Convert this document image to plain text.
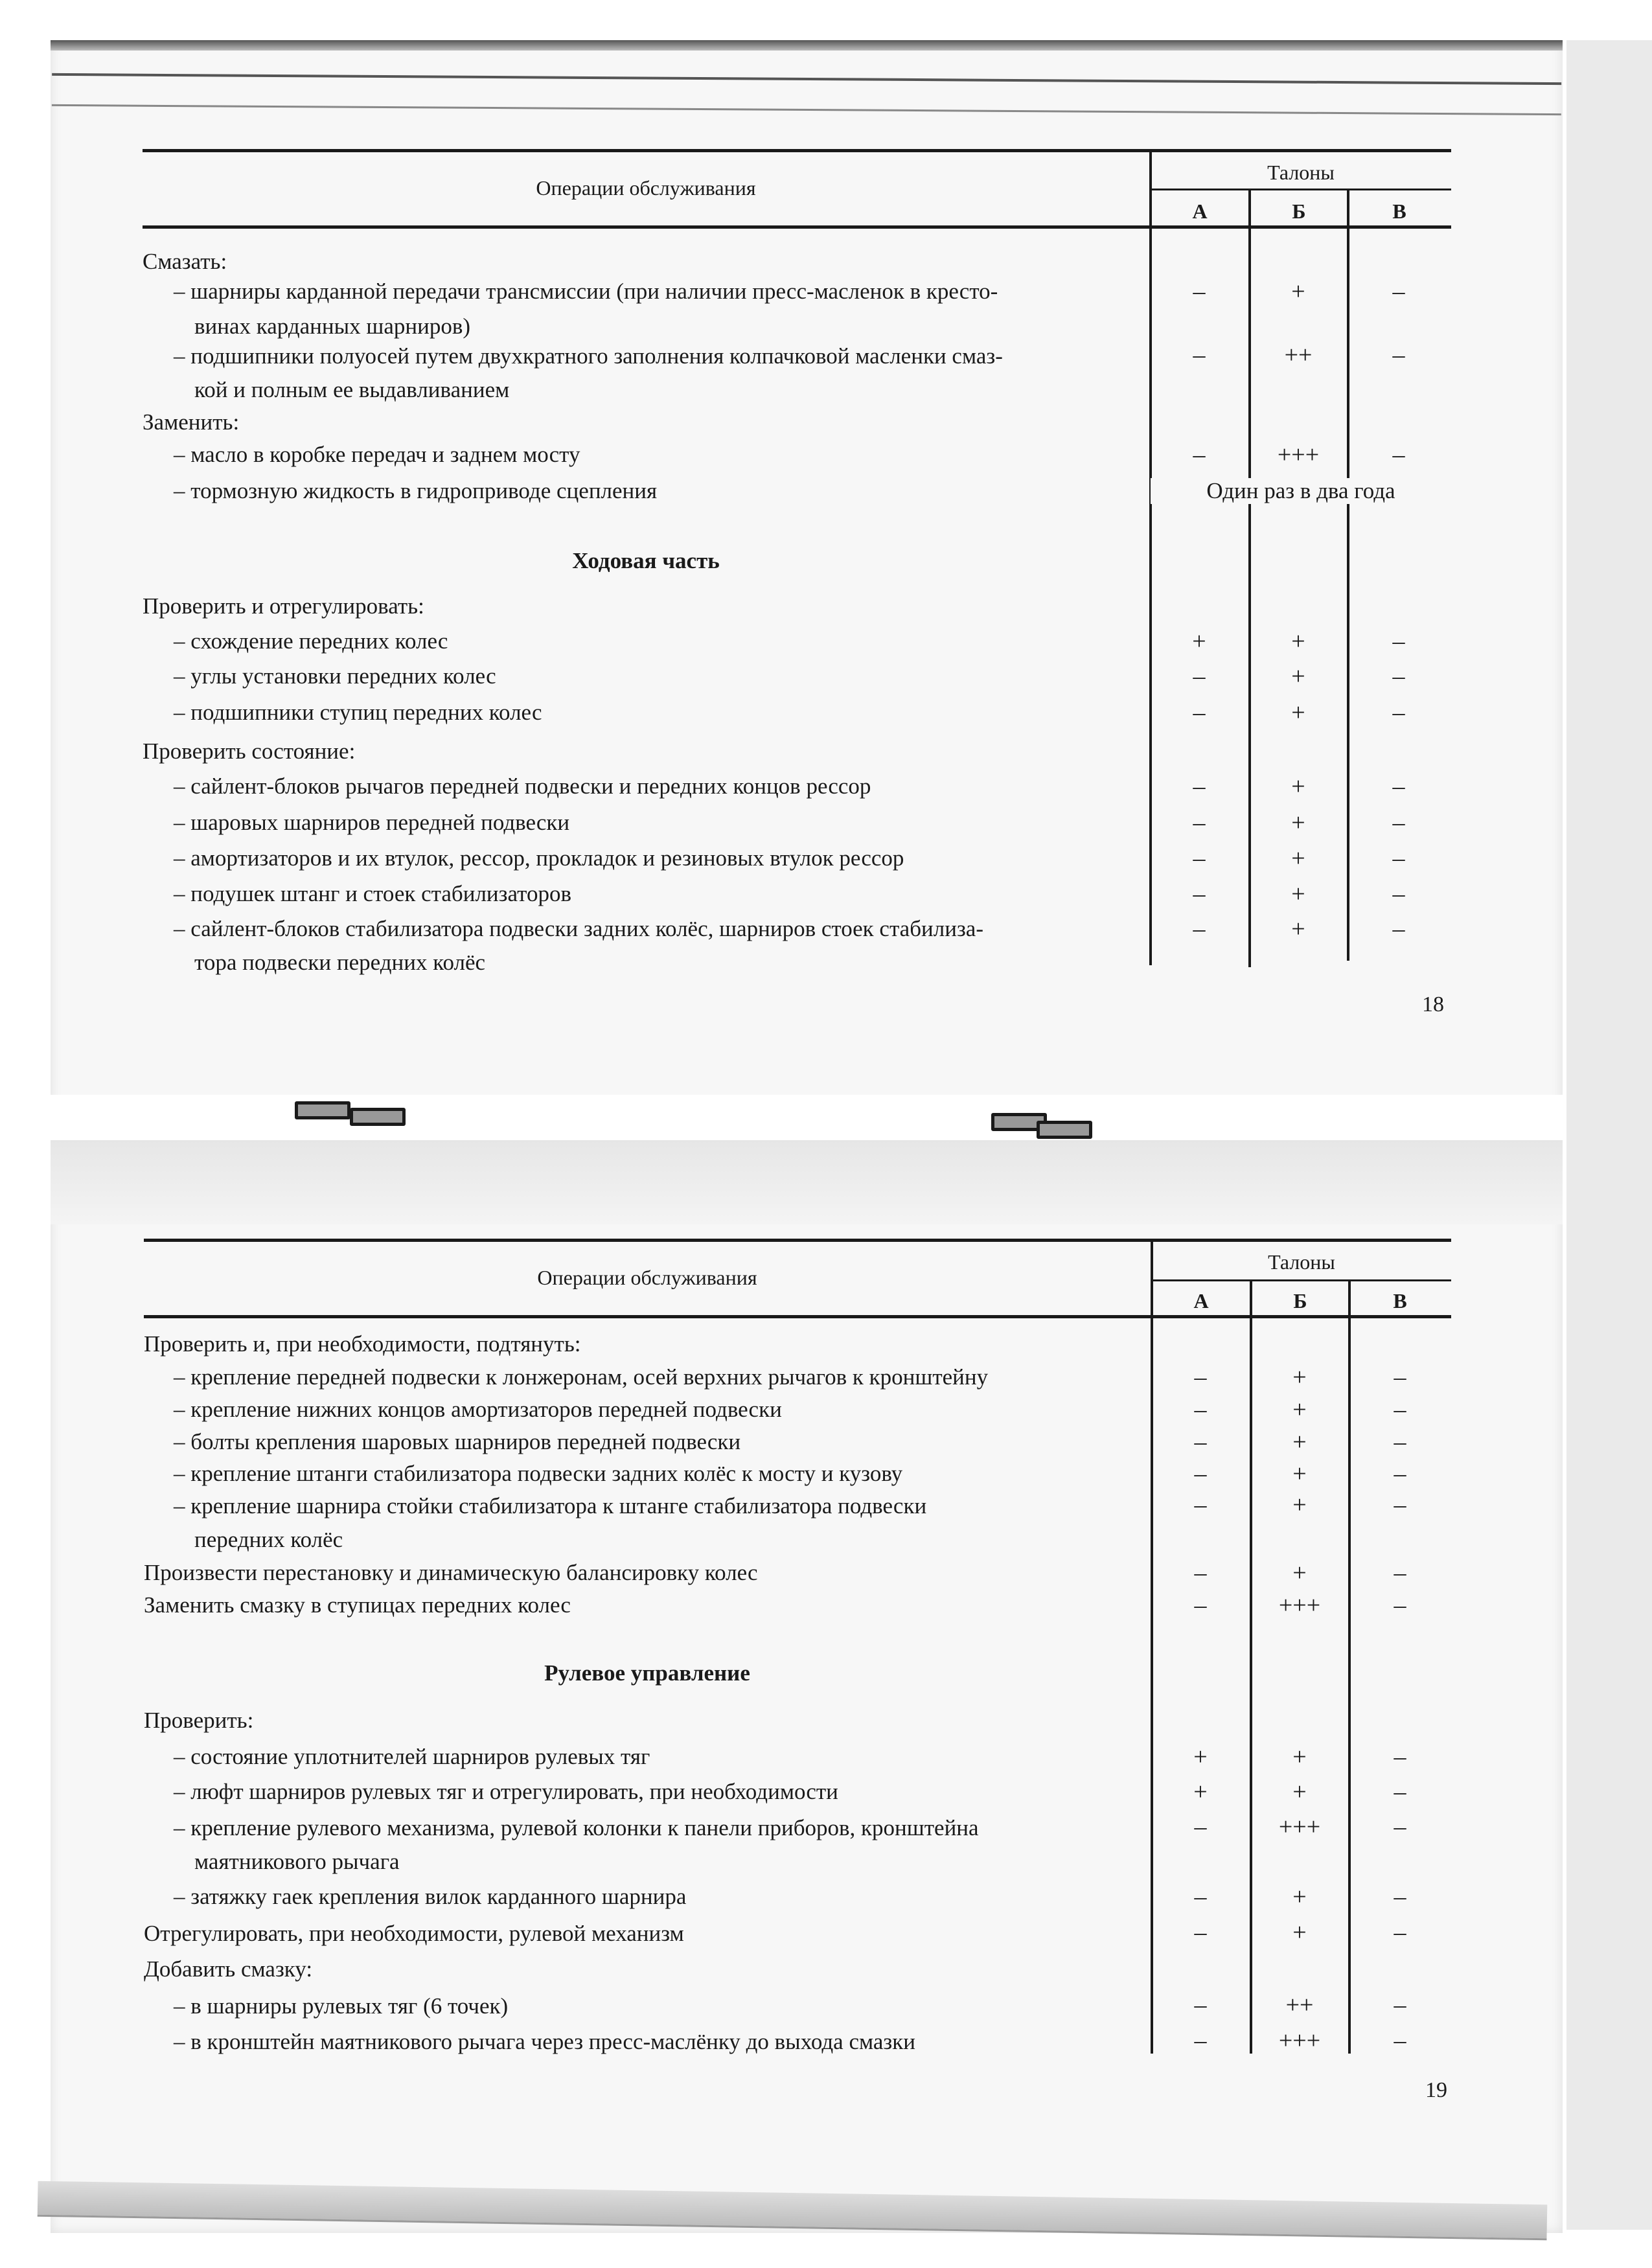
Операции обслуживания
Талоны
А	Б	В
Смазать:
– шарниры карданной передачи трансмиссии (при наличии пресс-масленок в кресто-
винах карданных шарниров)
–	+	–
– подшипники полуосей путем двухкратного заполнения колпачковой масленки смаз-
кой и полным ее выдавливанием
–	++	–
Заменить:
– масло в коробке передач и заднем мосту	–	+++	–
– тормозную жидкость в гидроприводе сцепления	Один раз в два года
Ходовая часть
Проверить и отрегулировать:
– схождение передних колес	+	+	–
– углы установки передних колес	–	+	–
– подшипники ступиц передних колес	–	+	–
Проверить состояние:
– сайлент-блоков рычагов передней подвески и передних концов рессор	–	+	–
– шаровых шарниров передней подвески	–	+	–
– амортизаторов и их втулок, рессор, прокладок и резиновых втулок рессор	–	+	–
– подушек штанг и стоек стабилизаторов	–	+	–
– сайлент-блоков стабилизатора подвески задних колёс, шарниров стоек стабилиза-
тора подвески передних колёс
–	+	–
18
Операции обслуживания
Талоны
А	Б	В
Проверить и, при необходимости, подтянуть:
– крепление передней подвески к лонжеронам, осей верхних рычагов к кронштейну	–	+	–
– крепление нижних концов амортизаторов передней подвески	–	+	–
– болты крепления шаровых шарниров передней подвески	–	+	–
– крепление штанги стабилизатора подвески задних колёс к мосту и кузову	–	+	–
– крепление шарнира стойки стабилизатора к штанге стабилизатора подвески
передних колёс
–	+	–
Произвести перестановку и динамическую балансировку колес	–	+	–
Заменить смазку в ступицах передних колес	–	+++	–
Рулевое управление
Проверить:
– состояние уплотнителей шарниров рулевых тяг	+	+	–
– люфт шарниров рулевых тяг и отрегулировать, при необходимости	+	+	–
– крепление рулевого механизма, рулевой колонки к панели приборов, кронштейна
маятникового рычага
–	+++	–
– затяжку гаек крепления вилок карданного шарнира	–	+	–
Отрегулировать, при необходимости, рулевой механизм	–	+	–
Добавить смазку:
– в шарниры рулевых тяг (6 точек)	–	++	–
– в кронштейн маятникового рычага через пресс-маслёнку до выхода смазки	–	+++	–
19
